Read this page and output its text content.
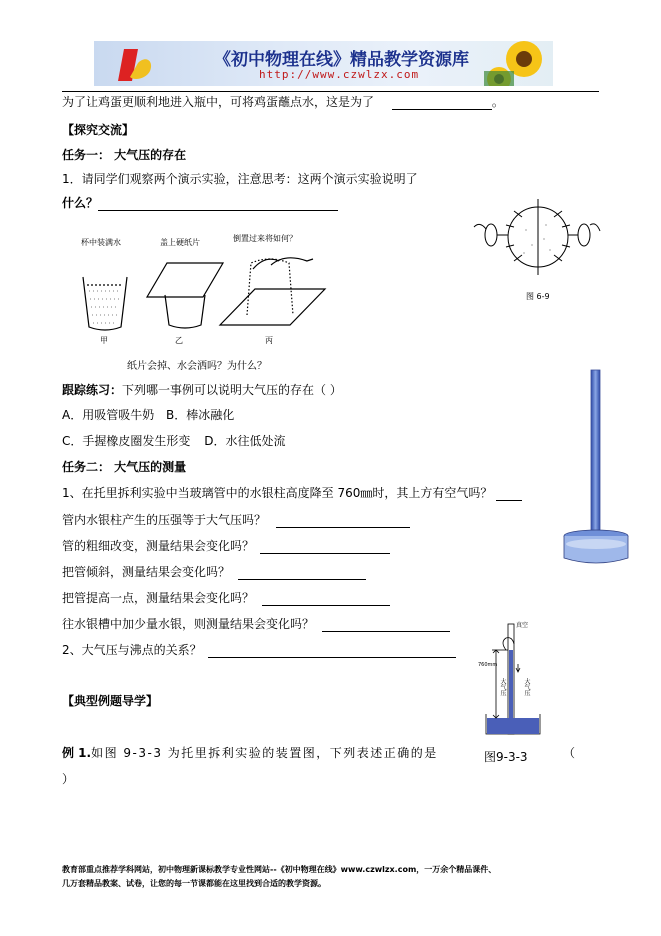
《初中物理在线》精品教学资源库
http://www.czwlzx.com
为了让鸡蛋更顺利地进入瓶中，可将鸡蛋蘸点水，这是为了	。
【探究交流】
任务一： 大气压的存在
1．请同学们观察两个演示实验，注意思考：这两个演示实验说明了
什么？
杯中装满水	盖上硬纸片	倒置过来将如何？
甲	乙	丙
纸片会掉、水会洒吗？为什么？
图 6-9
跟踪练习：下列哪一事例可以说明大气压的存在（ ）
A．用吸管吸牛奶 B．棒冰融化
C．手握橡皮圈发生形变 D．水往低处流
任务二： 大气压的测量
1、在托里拆利实验中当玻璃管中的水银柱高度降至 760㎜时，其上方有空气吗？
管内水银柱产生的压强等于大气压吗？
管的粗细改变，测量结果会变化吗？
把管倾斜，测量结果会变化吗？
把管提高一点，测量结果会变化吗？
往水银槽中加少量水银，则测量结果会变化吗？
2、大气压与沸点的关系？
真空
760mm
大气压	大气压
【典型例题导学】
例 1.如图 9-3-3 为托里拆利实验的装置图，下列表述正确的是	图9-3-3	（
）
教育部重点推荐学科网站，初中物理新课标教学专业性网站--《初中物理在线》www.czwlzx.com，一万余个精品课件、
几万套精品教案、试卷，让您的每一节课都能在这里找到合适的教学资源。
